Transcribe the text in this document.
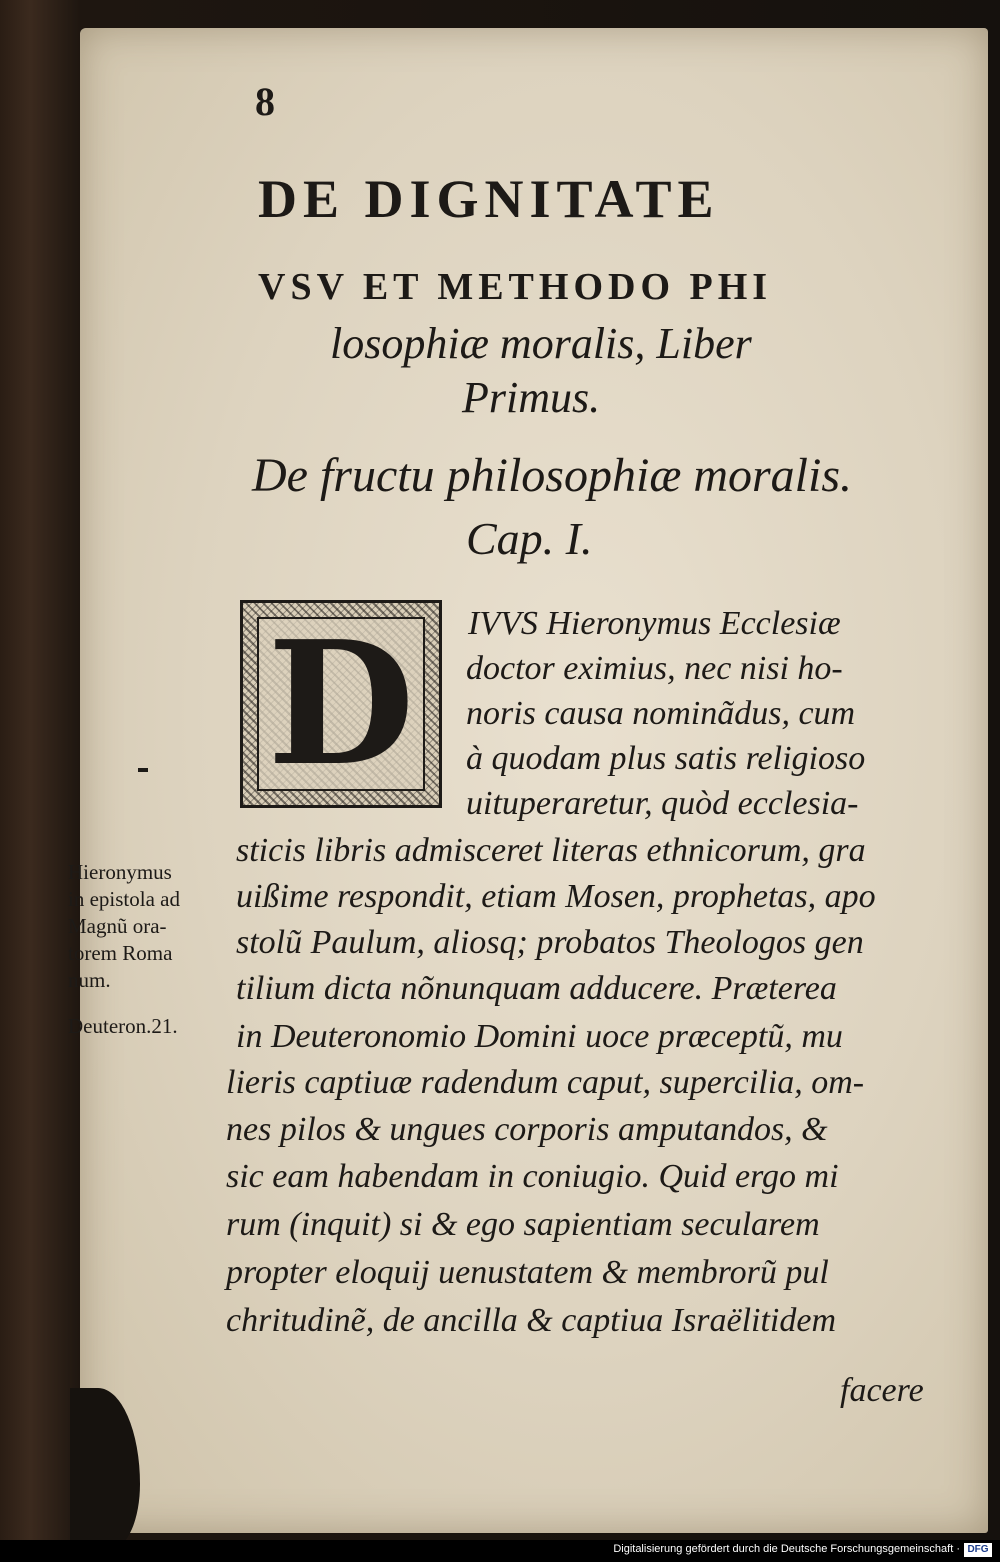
8

DE DIGNITATE
VSV ET METHODO PHI

losophiæ moralis, Liber

Primus.

De fructu philosophiæ moralis.

Cap. I.

D IVVS Hieronymus Ecclesiæ

doctor eximius, nec nisi ho-

noris causa nominãdus, cum

à quodam plus satis religioso

uituperaretur, quòd ecclesia-

sticis libris admisceret literas ethnicorum, gra

uißime respondit, etiam Mosen, prophetas, apo

stolũ Paulum, aliosq; probatos Theologos gen

tilium dicta nõnunquam adducere. Præterea

in Deuteronomio Domini uoce præceptũ, mu

lieris captiuæ radendum caput, supercilia, om-

nes pilos & ungues corporis amputandos, &

sic eam habendam in coniugio. Quid ergo mi

rum (inquit) si & ego sapientiam secularem

propter eloquij uenustatem & membrorũ pul

chritudinẽ, de ancilla & captiua Israëlitidem

facere

Hieronymus

in epistola ad

Magnũ ora-

torem Roma

num.

Deuteron.21.

Digitalisierung gefördert durch die Deutsche Forschungsgemeinschaft · DFG
